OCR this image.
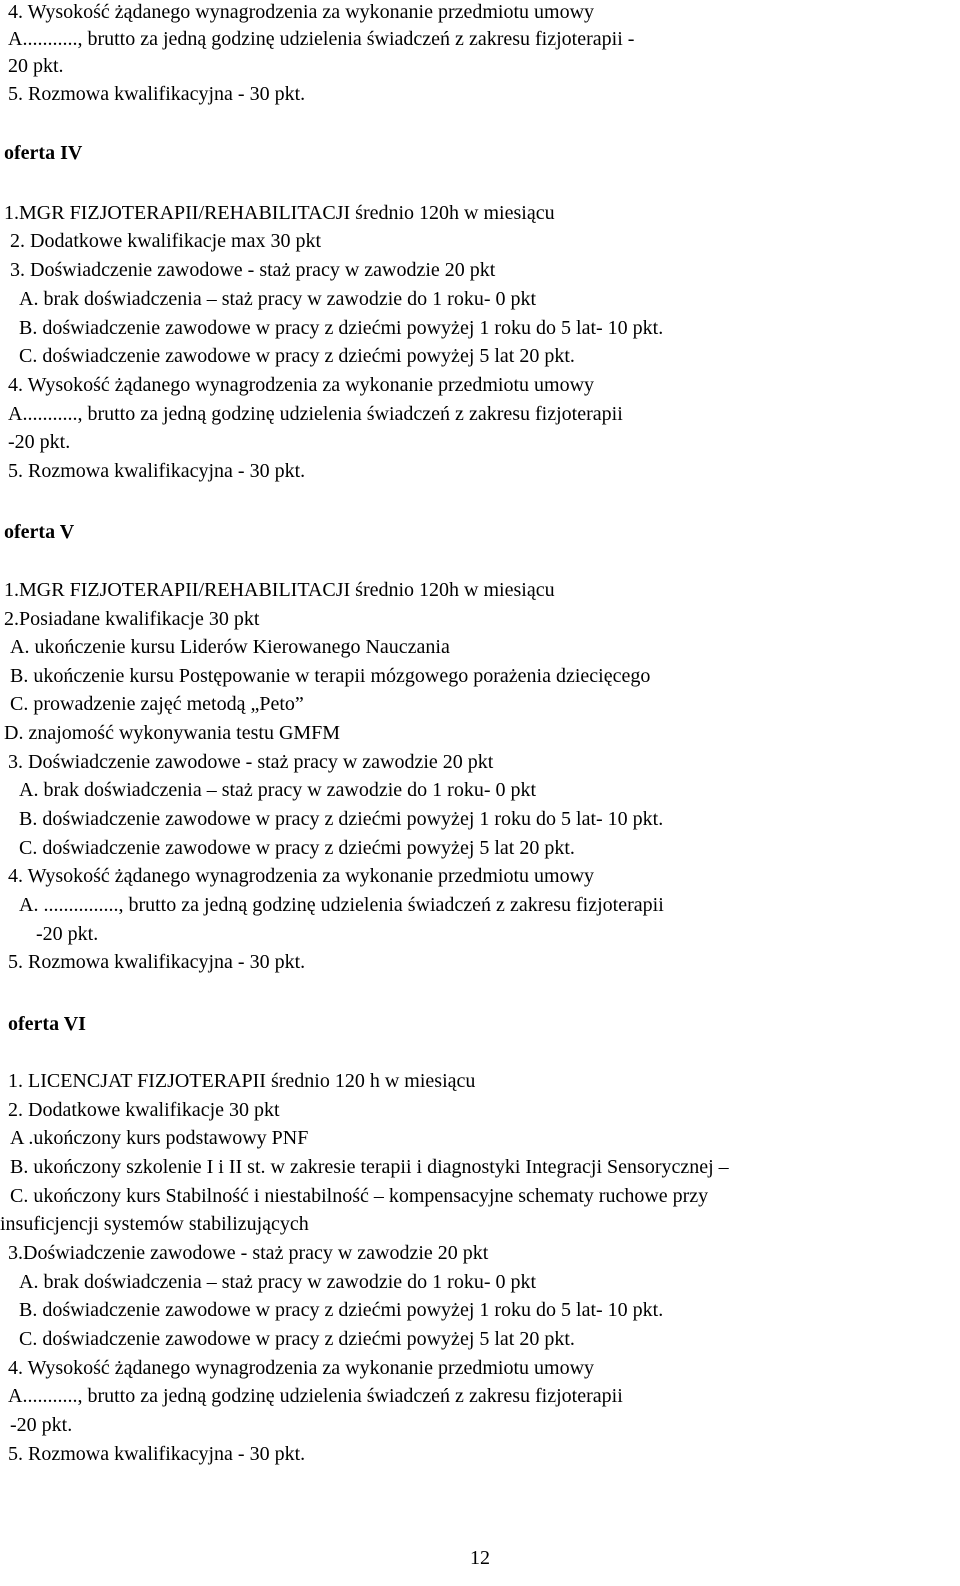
4. Wysokość żądanego wynagrodzenia za wykonanie przedmiotu umowy
A..........., brutto za jedną godzinę udzielenia świadczeń z zakresu fizjoterapii -
20 pkt.
5. Rozmowa kwalifikacyjna - 30 pkt.
oferta IV
1.MGR FIZJOTERAPII/REHABILITACJI średnio 120h w miesiącu
2. Dodatkowe kwalifikacje max 30 pkt
3. Doświadczenie zawodowe - staż pracy w zawodzie 20 pkt
A. brak doświadczenia – staż pracy w zawodzie do 1 roku- 0 pkt
B. doświadczenie zawodowe w pracy z dziećmi powyżej 1 roku do 5 lat- 10 pkt.
C. doświadczenie zawodowe w pracy z dziećmi powyżej 5 lat 20 pkt.
4. Wysokość żądanego wynagrodzenia za wykonanie przedmiotu umowy
A..........., brutto za jedną godzinę udzielenia świadczeń z zakresu fizjoterapii
-20 pkt.
5. Rozmowa kwalifikacyjna - 30 pkt.
oferta V
1.MGR FIZJOTERAPII/REHABILITACJI średnio 120h w miesiącu
2.Posiadane kwalifikacje 30 pkt
A. ukończenie kursu Liderów Kierowanego Nauczania
B. ukończenie kursu Postępowanie w terapii mózgowego porażenia dziecięcego
C. prowadzenie zajęć metodą „Peto”
D. znajomość wykonywania testu GMFM
3. Doświadczenie zawodowe - staż pracy w zawodzie 20 pkt
A. brak doświadczenia – staż pracy w zawodzie do 1 roku- 0 pkt
B. doświadczenie zawodowe w pracy z dziećmi powyżej 1 roku do 5 lat- 10 pkt.
C. doświadczenie zawodowe w pracy z dziećmi powyżej 5 lat 20 pkt.
4. Wysokość żądanego wynagrodzenia za wykonanie przedmiotu umowy
A. ..............., brutto za jedną godzinę udzielenia świadczeń z zakresu fizjoterapii
-20 pkt.
5. Rozmowa kwalifikacyjna - 30 pkt.
oferta VI
1. LICENCJAT FIZJOTERAPII średnio 120 h w miesiącu
2. Dodatkowe kwalifikacje 30 pkt
A .ukończony kurs podstawowy PNF
B. ukończony szkolenie I i II st. w zakresie terapii i diagnostyki Integracji Sensorycznej –
C. ukończony kurs Stabilność i niestabilność – kompensacyjne schematy ruchowe przy
insuficjencji systemów stabilizujących
3.Doświadczenie zawodowe - staż pracy w zawodzie 20 pkt
A. brak doświadczenia – staż pracy w zawodzie do 1 roku- 0 pkt
B. doświadczenie zawodowe w pracy z dziećmi powyżej 1 roku do 5 lat- 10 pkt.
C. doświadczenie zawodowe w pracy z dziećmi powyżej 5 lat 20 pkt.
4. Wysokość żądanego wynagrodzenia za wykonanie przedmiotu umowy
A..........., brutto za jedną godzinę udzielenia świadczeń z zakresu fizjoterapii
-20 pkt.
5. Rozmowa kwalifikacyjna - 30 pkt.
12
